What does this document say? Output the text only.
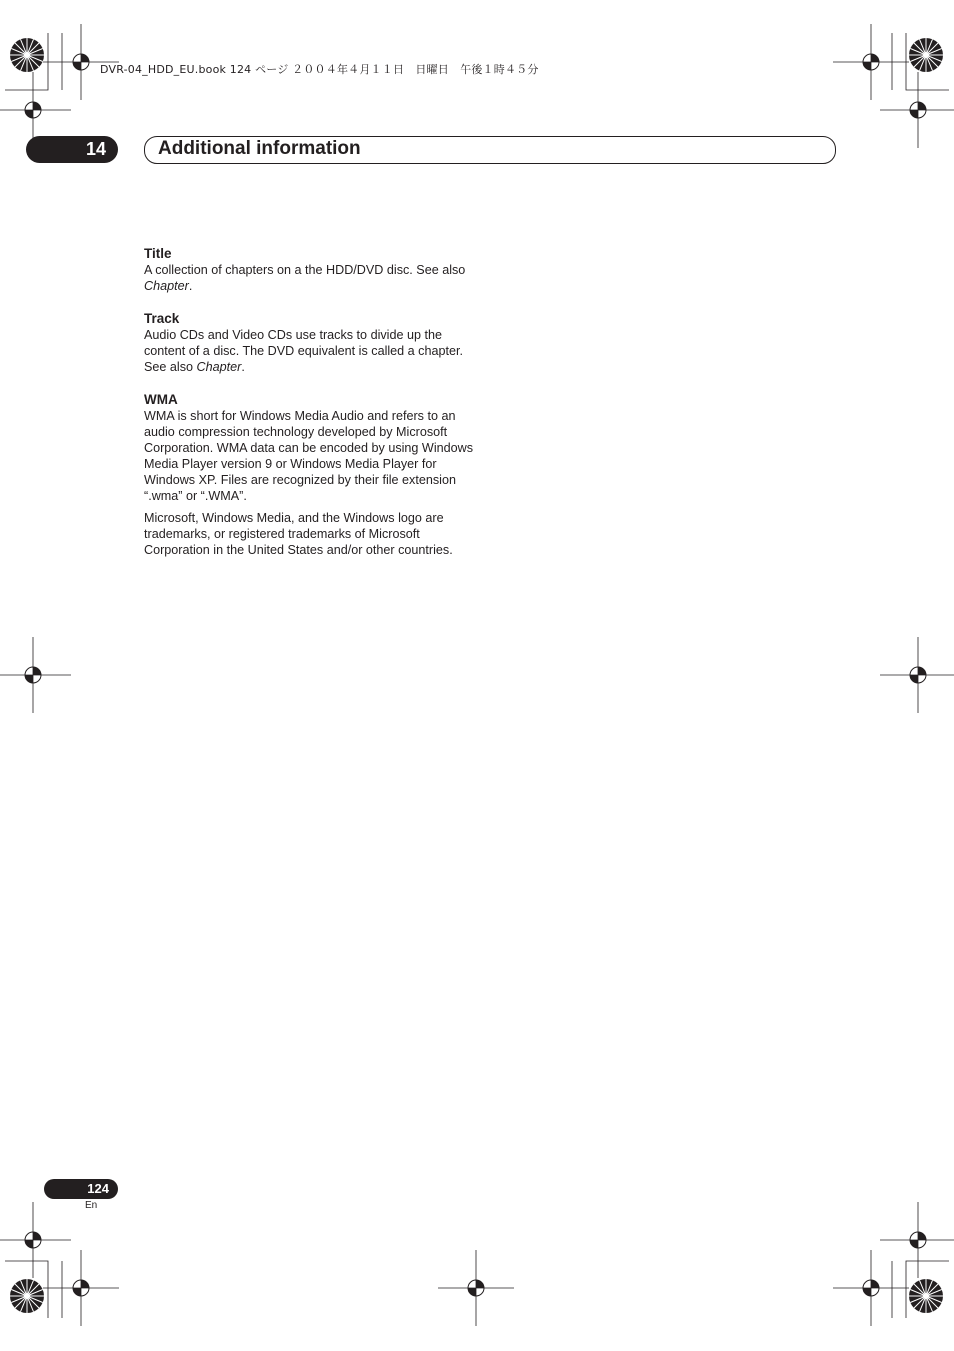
DVR-04_HDD_EU.book 124 ページ ２００４年４月１１日　日曜日　午後１時４５分
14	Additional information

Title

A collection of chapters on a the HDD/DVD disc. See also Chapter.

Track

Audio CDs and Video CDs use tracks to divide up the content of a disc. The DVD equivalent is called a chapter. See also Chapter.

WMA

WMA is short for Windows Media Audio and refers to an audio compression technology developed by Microsoft Corporation. WMA data can be encoded by using Windows Media Player version 9 or Windows Media Player for Windows XP. Files are recognized by their file extension “.wma” or “.WMA”.

Microsoft, Windows Media, and the Windows logo are trademarks, or registered trademarks of Microsoft Corporation in the United States and/or other countries.

124
En
